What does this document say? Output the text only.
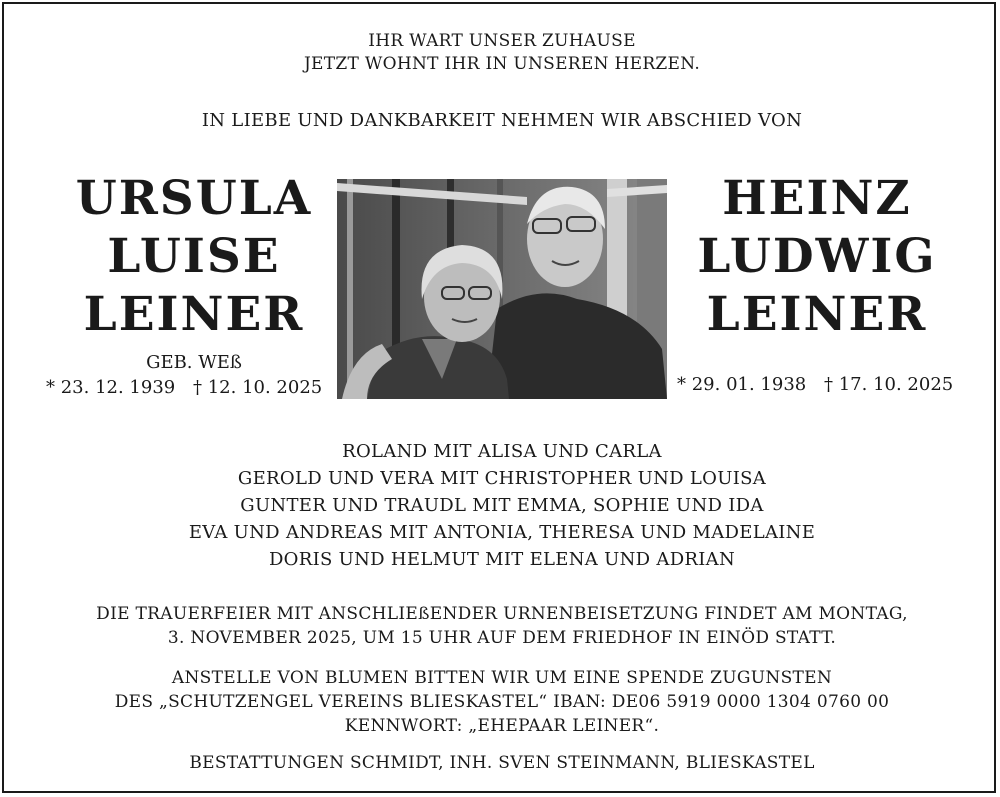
IHR WART UNSER ZUHAUSE
JETZT WOHNT IHR IN UNSEREN HERZEN.
IN LIEBE UND DANKBARKEIT NEHMEN WIR ABSCHIED VON
URSULA
LUISE
LEINER
GEB. WEß
* 23. 12. 1939 † 12. 10. 2025
HEINZ
LUDWIG
LEINER
* 29. 01. 1938 † 17. 10. 2025
ROLAND MIT ALISA UND CARLA
GEROLD UND VERA MIT CHRISTOPHER UND LOUISA
GUNTER UND TRAUDL MIT EMMA, SOPHIE UND IDA
EVA UND ANDREAS MIT ANTONIA, THERESA UND MADELAINE
DORIS UND HELMUT MIT ELENA UND ADRIAN
DIE TRAUERFEIER MIT ANSCHLIEßENDER URNENBEISETZUNG FINDET AM MONTAG,
3. NOVEMBER 2025, UM 15 UHR AUF DEM FRIEDHOF IN EINÖD STATT.
ANSTELLE VON BLUMEN BITTEN WIR UM EINE SPENDE ZUGUNSTEN
DES „SCHUTZENGEL VEREINS BLIESKASTEL“ IBAN: DE06 5919 0000 1304 0760 00
KENNWORT: „EHEPAAR LEINER“.
BESTATTUNGEN SCHMIDT, INH. SVEN STEINMANN, BLIESKASTEL
